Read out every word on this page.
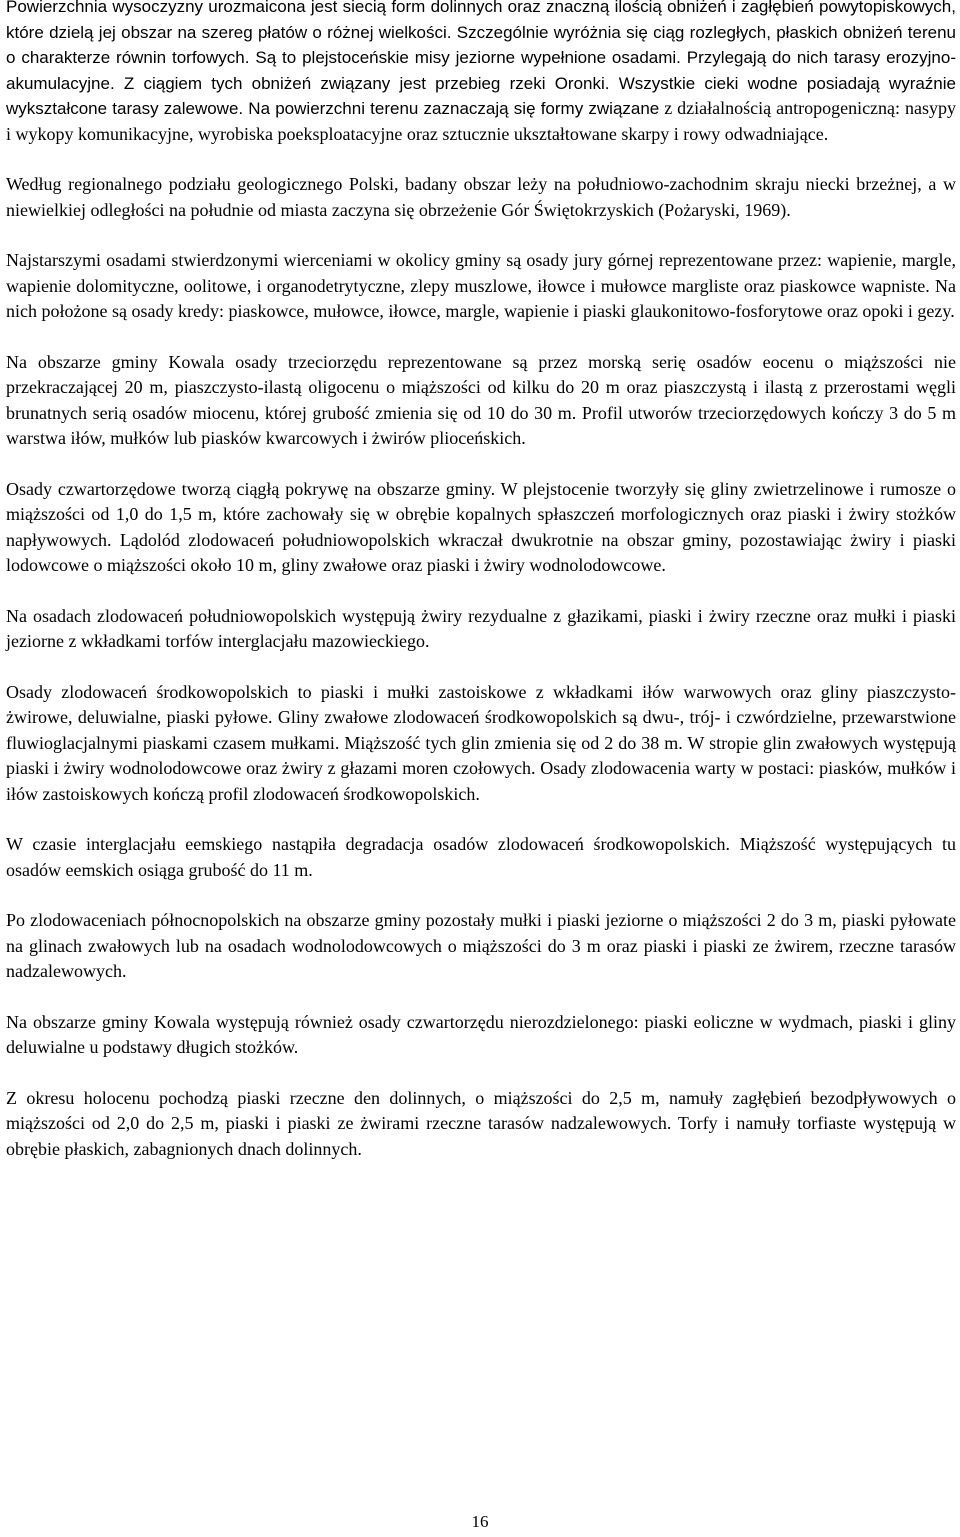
Powierzchnia wysoczyzny urozmaicona jest siecią form dolinnych oraz znaczną ilością obniżeń i zagłębień powytopiskowych, które dzielą jej obszar na szereg płatów o różnej wielkości. Szczególnie wyróżnia się ciąg rozległych, płaskich obniżeń terenu o charakterze równin torfowych. Są to plejstoceńskie misy jeziorne wypełnione osadami. Przylegają do nich tarasy erozyjno-akumulacyjne. Z ciągiem tych obniżeń związany jest przebieg rzeki Oronki. Wszystkie cieki wodne posiadają wyraźnie wykształcone tarasy zalewowe. Na powierzchni terenu zaznaczają się formy związane z działalnością antropogeniczną: nasypy i wykopy komunikacyjne, wyrobiska poeksploatacyjne oraz sztucznie ukształtowane skarpy i rowy odwadniające.

Według regionalnego podziału geologicznego Polski, badany obszar leży na południowo-zachodnim skraju niecki brzeżnej, a w niewielkiej odległości na południe od miasta zaczyna się obrzeżenie Gór Świętokrzyskich (Pożaryski, 1969).

Najstarszymi osadami stwierdzonymi wierceniami w okolicy gminy są osady jury górnej reprezentowane przez: wapienie, margle, wapienie dolomityczne, oolitowe, i organodetrytyczne, zlepy muszlowe, iłowce i mułowce margliste oraz piaskowce wapniste. Na nich położone są osady kredy: piaskowce, mułowce, iłowce, margle, wapienie i piaski glaukonitowo-fosforytowe oraz opoki i gezy.

Na obszarze gminy Kowala osady trzeciorzędu reprezentowane są przez morską serię osadów eocenu o miąższości nie przekraczającej 20 m, piaszczysto-ilastą oligocenu o miąższości od kilku do 20 m oraz piaszczystą i ilastą z przerostami węgli brunatnych serią osadów miocenu, której grubość zmienia się od 10 do 30 m. Profil utworów trzeciorzędowych kończy 3 do 5 m warstwa iłów, mułków lub piasków kwarcowych i żwirów plioceńskich.

Osady czwartorzędowe tworzą ciągłą pokrywę na obszarze gminy. W plejstocenie tworzyły się gliny zwietrzelinowe i rumosze o miąższości od 1,0 do 1,5 m, które zachowały się w obrębie kopalnych spłaszczeń morfologicznych oraz piaski i żwiry stożków napływowych. Lądolód zlodowaceń południowopolskich wkraczał dwukrotnie na obszar gminy, pozostawiając żwiry i piaski lodowcowe o miąższości około 10 m, gliny zwałowe oraz piaski i żwiry wodnolodowcowe.

Na osadach zlodowaceń południowopolskich występują żwiry rezydualne z głazikami, piaski i żwiry rzeczne oraz mułki i piaski jeziorne z wkładkami torfów interglacjału mazowieckiego.

Osady zlodowaceń środkowopolskich to piaski i mułki zastoiskowe z wkładkami iłów warwowych oraz gliny piaszczysto-żwirowe, deluwialne, piaski pyłowe. Gliny zwałowe zlodowaceń środkowopolskich są dwu-, trój- i czwórdzielne, przewarstwione fluwioglacjalnymi piaskami czasem mułkami. Miąższość tych glin zmienia się od 2 do 38 m. W stropie glin zwałowych występują piaski i żwiry wodnolodowcowe oraz żwiry z głazami moren czołowych. Osady zlodowacenia warty w postaci: piasków, mułków i iłów zastoiskowych kończą profil zlodowaceń środkowopolskich.

W czasie interglacjału eemskiego nastąpiła degradacja osadów zlodowaceń środkowopolskich. Miąższość występujących tu osadów eemskich osiąga grubość do 11 m.

Po zlodowaceniach północnopolskich na obszarze gminy pozostały mułki i piaski jeziorne o miąższości 2 do 3 m, piaski pyłowate na glinach zwałowych lub na osadach wodnolodowcowych o miąższości do 3 m oraz piaski i piaski ze żwirem, rzeczne tarasów nadzalewowych.

Na obszarze gminy Kowala występują również osady czwartorzędu nierozdzielonego: piaski eoliczne w wydmach, piaski i gliny deluwialne u podstawy długich stożków.

Z okresu holocenu pochodzą piaski rzeczne den dolinnych, o miąższości do 2,5 m, namuły zagłębień bezodpływowych o miąższości od 2,0 do 2,5 m, piaski i piaski ze żwirami rzeczne tarasów nadzalewowych. Torfy i namuły torfiaste występują w obrębie płaskich, zabagnionych dnach dolinnych.

16
